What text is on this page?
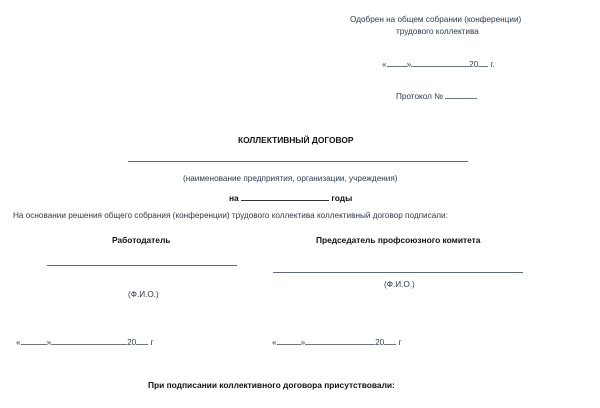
Одобрен на общем собрании (конференции)
трудового коллектива
« »	20 г.
Протокол №
КОЛЛЕКТИВНЫЙ ДОГОВОР
(наименование предприятия, организации, учреждения)
на	годы
На основании решения общего собрания (конференции) трудового коллектива коллективный договор подписали:
Работодатель
(Ф.И.О.)
«	»	20 г
Председатель профсоюзного комитета
(Ф.И.О.)
«	»	20 г
При подписании коллективного договора присутствовали:
